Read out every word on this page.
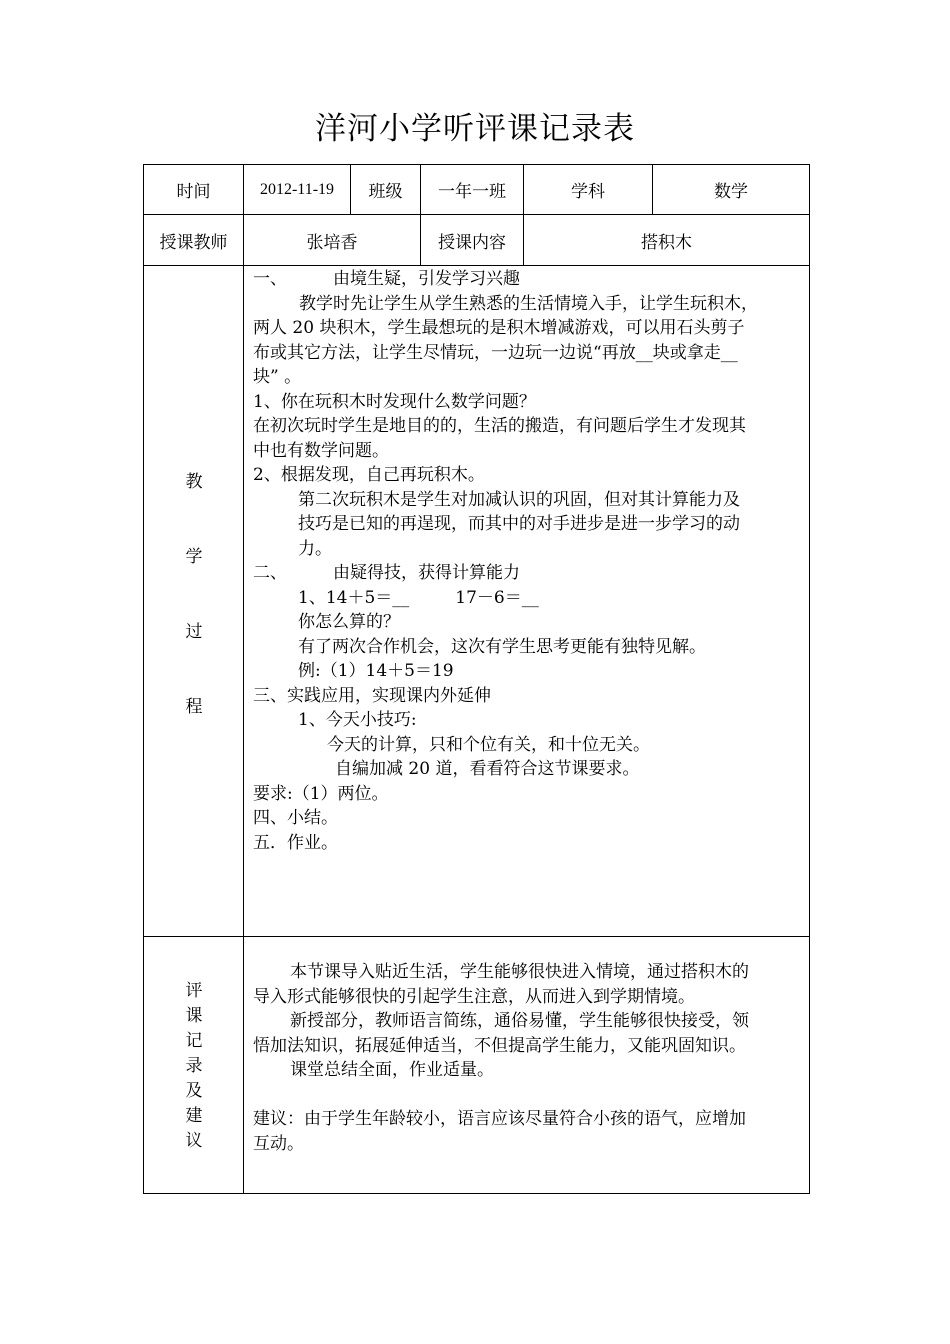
洋河小学听评课记录表
时间	2012-11-19	班级	一年一班	学科	数学
授课教师	张培香	授课内容	搭积木
教
学
过
程
一、	由境生疑，引发学习兴趣
教学时先让学生从学生熟悉的生活情境入手，让学生玩积木，
两人 20 块积木，学生最想玩的是积木增减游戏，可以用石头剪子
布或其它方法，让学生尽情玩，一边玩一边说“再放__块或拿走__
块” 。
1、你在玩积木时发现什么数学问题？
在初次玩时学生是地目的的，生活的搬造，有问题后学生才发现其
中也有数学问题。
2、根据发现，自己再玩积木。
第二次玩积木是学生对加减认识的巩固，但对其计算能力及
技巧是已知的再逞现，而其中的对手进步是进一步学习的动
力。
二、	由疑得技，获得计算能力
1、14＋5＝__	17－6＝__
你怎么算的？
有了两次合作机会，这次有学生思考更能有独特见解。
例:（1）14＋5＝19
三、实践应用，实现课内外延伸
1、今天小技巧:
今天的计算，只和个位有关，和十位无关。
自编加减 20 道，看看符合这节课要求。
要求:（1）两位。
四、小结。
五．作业。
评
课
记
录
及
建
议
本节课导入贴近生活，学生能够很快进入情境，通过搭积木的
导入形式能够很快的引起学生注意，从而进入到学期情境。
新授部分，教师语言简练，通俗易懂，学生能够很快接受，领
悟加法知识，拓展延伸适当，不但提高学生能力，又能巩固知识。
课堂总结全面，作业适量。
建议：由于学生年龄较小，语言应该尽量符合小孩的语气，应增加
互动。
